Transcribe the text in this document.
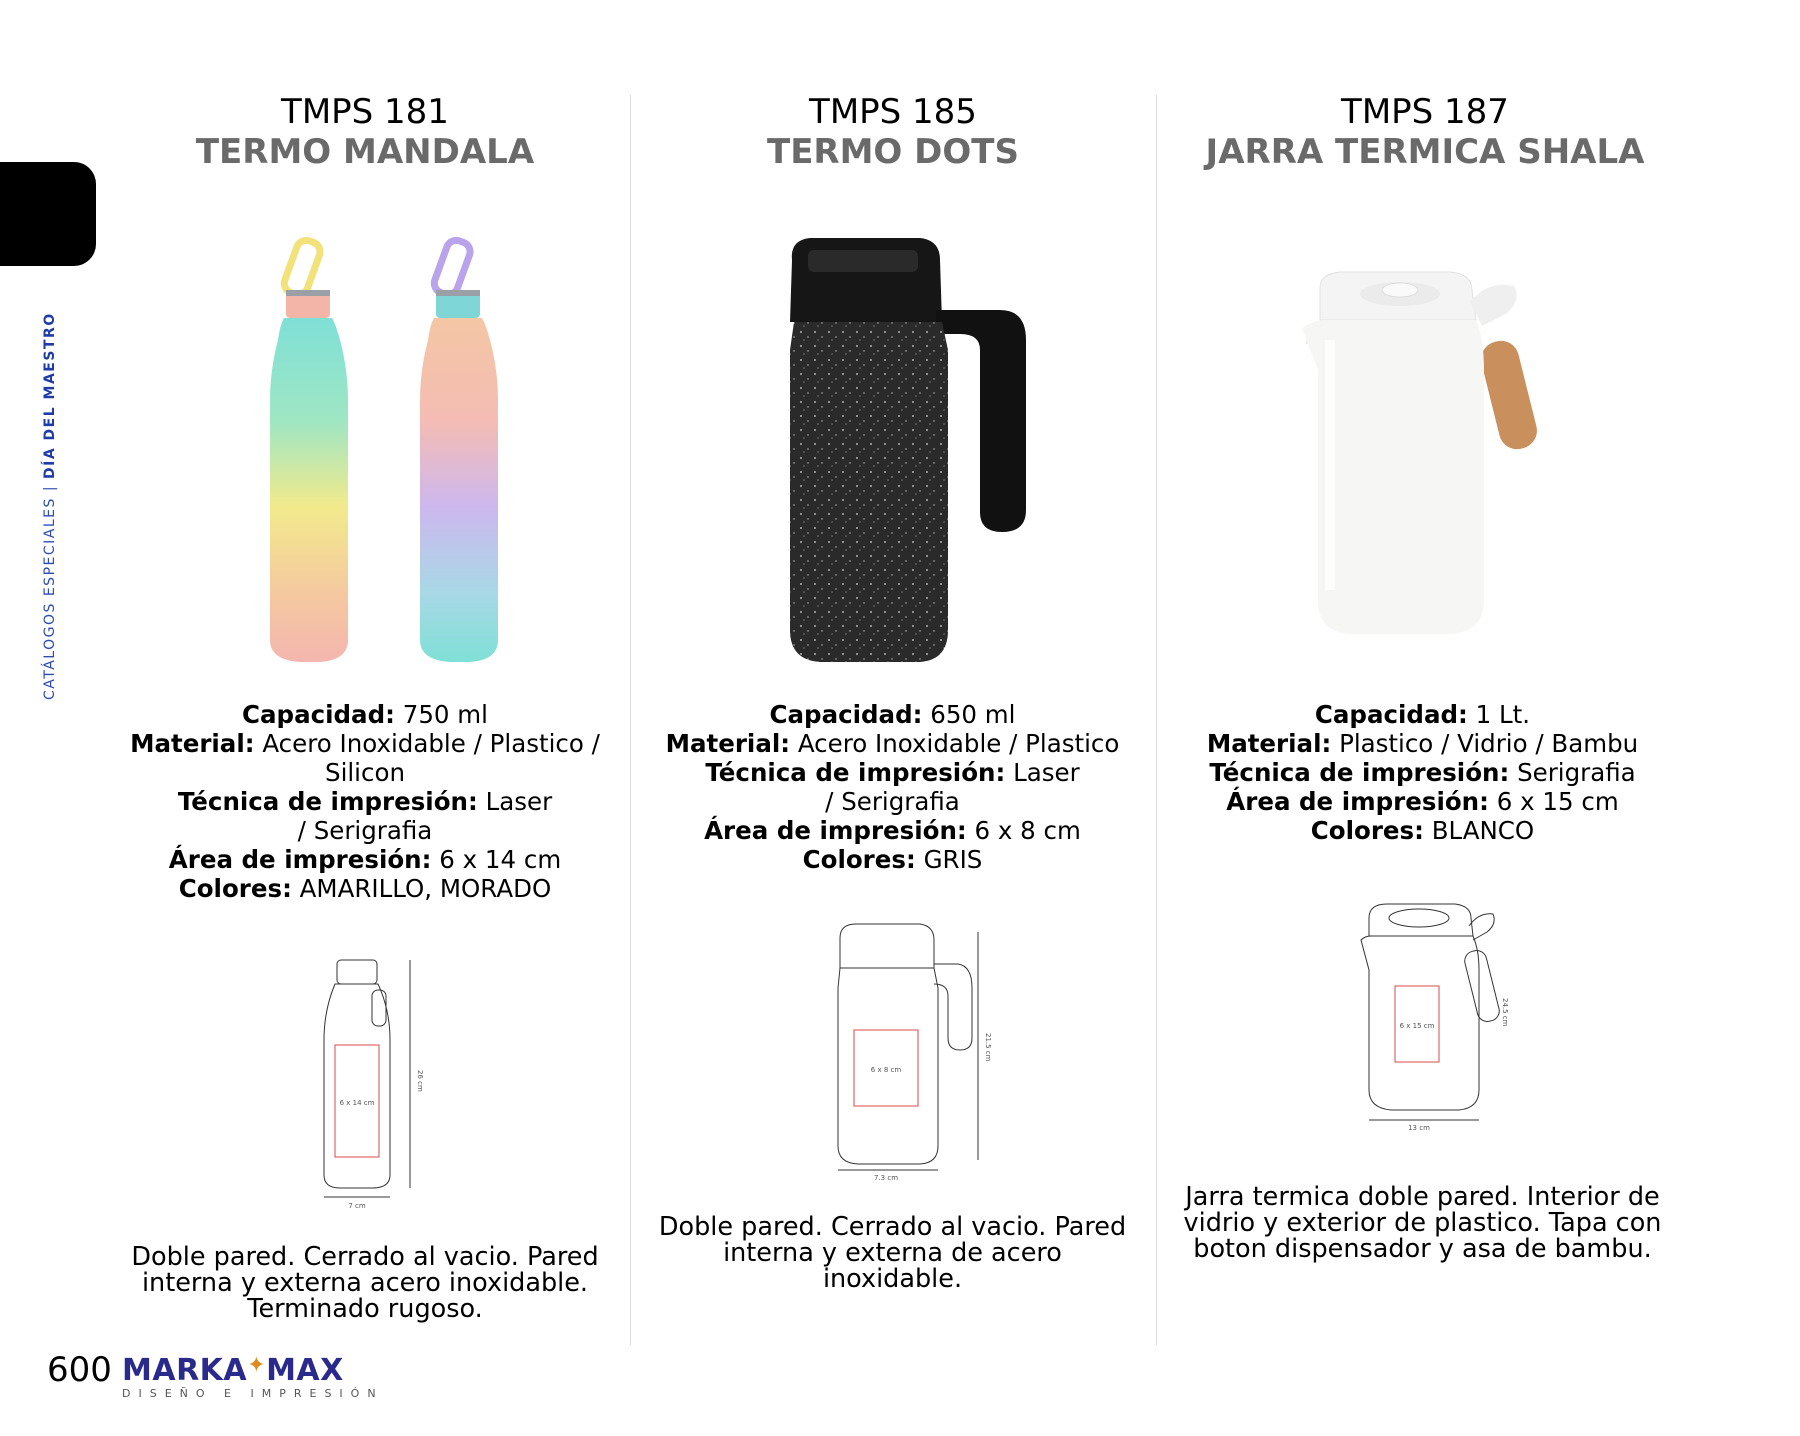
CATÁLOGOS ESPECIALES | DÍA DEL MAESTRO
TMPS 181
TERMO MANDALA
Capacidad: 750 ml
Material: Acero Inoxidable / Plastico / Silicon
Técnica de impresión: Laser / Serigrafia
Área de impresión: 6 x 14 cm
Colores: AMARILLO, MORADO
6 x 14 cm
26 cm
7 cm
Doble pared. Cerrado al vacio. Pared interna y externa acero inoxidable. Terminado rugoso.
TMPS 185
TERMO DOTS
Capacidad: 650 ml
Material: Acero Inoxidable / Plastico
Técnica de impresión: Laser / Serigrafia
Área de impresión: 6 x 8 cm
Colores: GRIS
6 x 8 cm
21.5 cm
7.3 cm
Doble pared. Cerrado al vacio. Pared interna y externa de acero inoxidable.
TMPS 187
JARRA TERMICA SHALA
Capacidad: 1 Lt.
Material: Plastico / Vidrio / Bambu
Técnica de impresión: Serigrafia
Área de impresión: 6 x 15 cm
Colores: BLANCO
6 x 15 cm	24.5 cm
13 cm
Jarra termica doble pared. Interior de vidrio y exterior de plastico. Tapa con boton dispensador y asa de bambu.
600 MARKA✦MAX
DISEÑO E IMPRESIÓN
